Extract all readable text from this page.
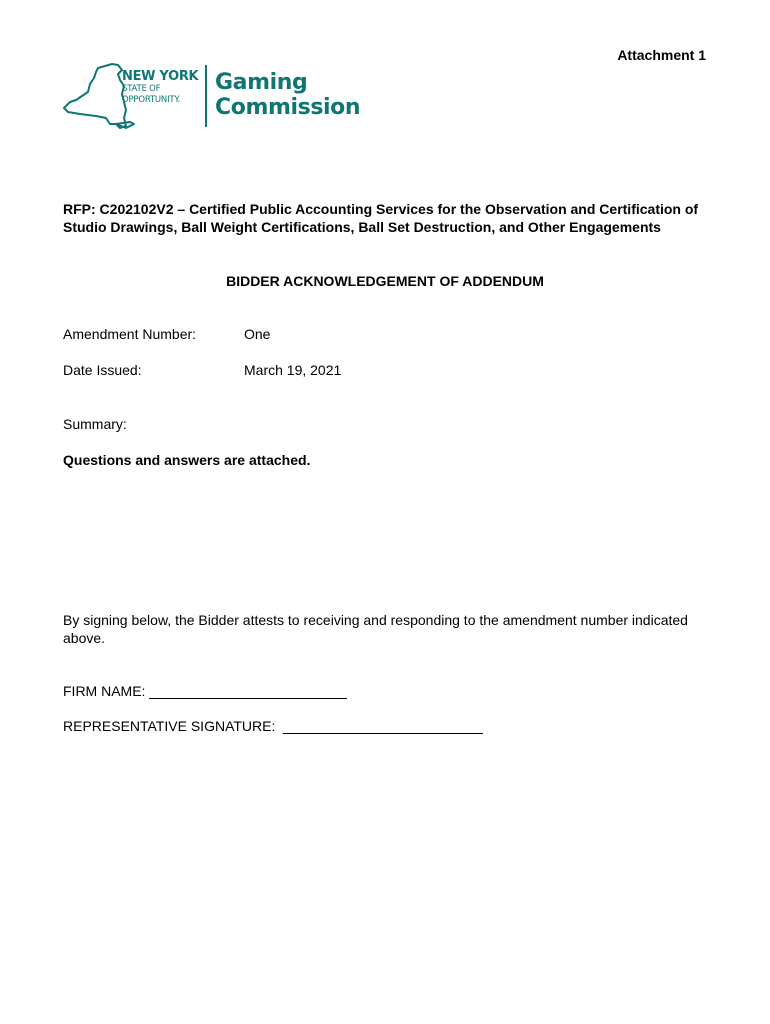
Attachment 1
NEW YORK
STATE OF
OPPORTUNITY.
Gaming
Commission
RFP: C202102V2 – Certified Public Accounting Services for the Observation and Certification of Studio Drawings, Ball Weight Certifications, Ball Set Destruction, and Other Engagements
BIDDER ACKNOWLEDGEMENT OF ADDENDUM
Amendment Number:	One
Date Issued:	March 19, 2021
Summary:
Questions and answers are attached.
By signing below, the Bidder attests to receiving and responding to the amendment number indicated above.
FIRM NAME:
REPRESENTATIVE SIGNATURE:
